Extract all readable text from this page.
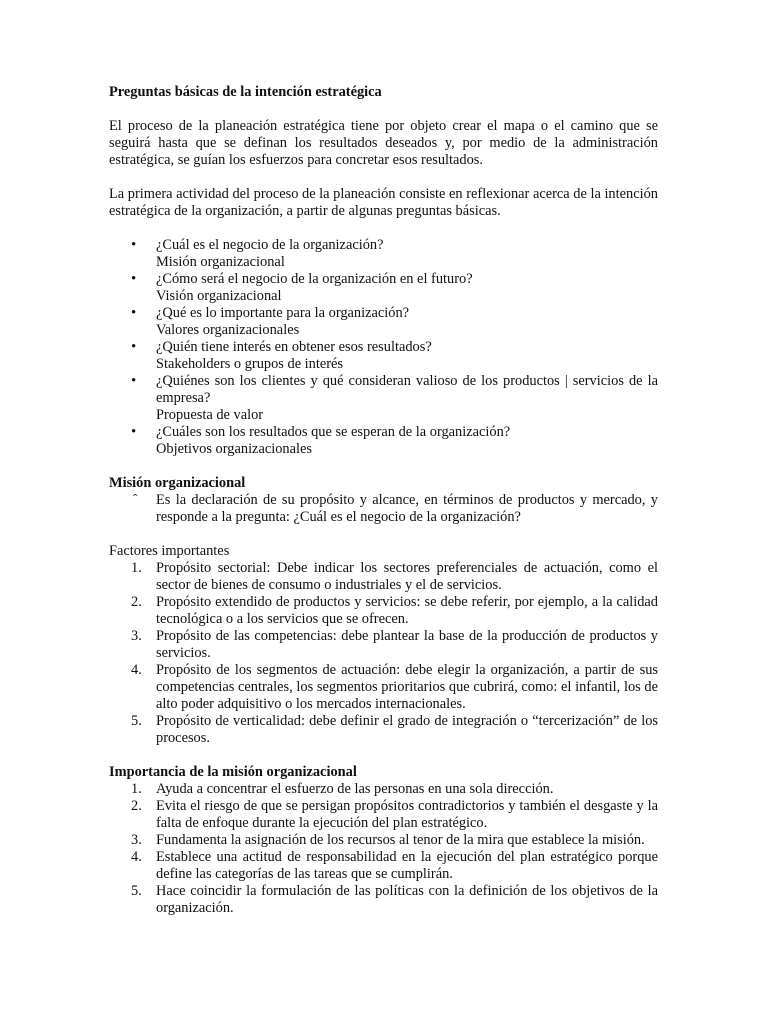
Preguntas básicas de la intención estratégica

El proceso de la planeación estratégica tiene por objeto crear el mapa o el camino que se seguirá hasta que se definan los resultados deseados y, por medio de la administración estratégica, se guían los esfuerzos para concretar esos resultados.

La primera actividad del proceso de la planeación consiste en reflexionar acerca de la intención estratégica de la organización, a partir de algunas preguntas básicas.

• ¿Cuál es el negocio de la organización?
Misión organizacional
• ¿Cómo será el negocio de la organización en el futuro?
Visión organizacional
• ¿Qué es lo importante para la organización?
Valores organizacionales
• ¿Quién tiene interés en obtener esos resultados?
Stakeholders o grupos de interés
• ¿Quiénes son los clientes y qué consideran valioso de los productos | servicios de la empresa?
Propuesta de valor
• ¿Cuáles son los resultados que se esperan de la organización?
Objetivos organizacionales
Misión organizacional
ˆ Es la declaración de su propósito y alcance, en términos de productos y mercado, y responde a la pregunta: ¿Cuál es el negocio de la organización?

Factores importantes

1. Propósito sectorial: Debe indicar los sectores preferenciales de actuación, como el sector de bienes de consumo o industriales y el de servicios.
2. Propósito extendido de productos y servicios: se debe referir, por ejemplo, a la calidad tecnológica o a los servicios que se ofrecen.
3. Propósito de las competencias: debe plantear la base de la producción de productos y servicios.
4. Propósito de los segmentos de actuación: debe elegir la organización, a partir de sus competencias centrales, los segmentos prioritarios que cubrirá, como: el infantil, los de alto poder adquisitivo o los mercados internacionales.
5. Propósito de verticalidad: debe definir el grado de integración o “tercerización” de los procesos.
Importancia de la misión organizacional
1. Ayuda a concentrar el esfuerzo de las personas en una sola dirección.
2. Evita el riesgo de que se persigan propósitos contradictorios y también el desgaste y la falta de enfoque durante la ejecución del plan estratégico.
3. Fundamenta la asignación de los recursos al tenor de la mira que establece la misión.
4. Establece una actitud de responsabilidad en la ejecución del plan estratégico porque define las categorías de las tareas que se cumplirán.
5. Hace coincidir la formulación de las políticas con la definición de los objetivos de la organización.
